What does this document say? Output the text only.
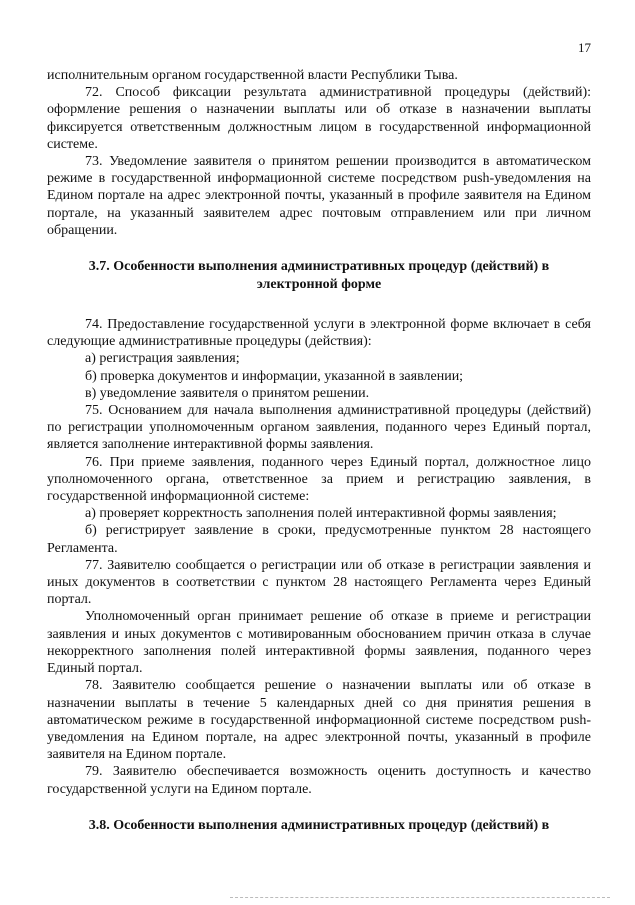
17

исполнительным органом государственной власти Республики Тыва.

72. Способ фиксации результата административной процедуры (действий): оформление решения о назначении выплаты или об отказе в назначении выплаты фиксируется ответственным должностным лицом в государственной информационной системе.

73. Уведомление заявителя о принятом решении производится в автоматическом режиме в государственной информационной системе посредством push-уведомления на Едином портале на адрес электронной почты, указанный в профиле заявителя на Едином портале, на указанный заявителем адрес почтовым отправлением или при личном обращении.

3.7. Особенности выполнения административных процедур (действий) в
электронной форме

74. Предоставление государственной услуги в электронной форме включает в себя следующие административные процедуры (действия):

а) регистрация заявления;

б) проверка документов и информации, указанной в заявлении;

в) уведомление заявителя о принятом решении.

75. Основанием для начала выполнения административной процедуры (действий) по регистрации уполномоченным органом заявления, поданного через Единый портал, является заполнение интерактивной формы заявления.

76. При приеме заявления, поданного через Единый портал, должностное лицо уполномоченного органа, ответственное за прием и регистрацию заявления, в государственной информационной системе:

а) проверяет корректность заполнения полей интерактивной формы заявления;

б) регистрирует заявление в сроки, предусмотренные пунктом 28 настоящего Регламента.

77. Заявителю сообщается о регистрации или об отказе в регистрации заявления и иных документов в соответствии с пунктом 28 настоящего Регламента через Единый портал.

Уполномоченный орган принимает решение об отказе в приеме и регистрации заявления и иных документов с мотивированным обоснованием причин отказа в случае некорректного заполнения полей интерактивной формы заявления, поданного через Единый портал.

78. Заявителю сообщается решение о назначении выплаты или об отказе в назначении выплаты в течение 5 календарных дней со дня принятия решения в автоматическом режиме в государственной информационной системе посредством push-уведомления на Едином портале, на адрес электронной почты, указанный в профиле заявителя на Едином портале.

79. Заявителю обеспечивается возможность оценить доступность и качество государственной услуги на Едином портале.

3.8. Особенности выполнения административных процедур (действий) в
